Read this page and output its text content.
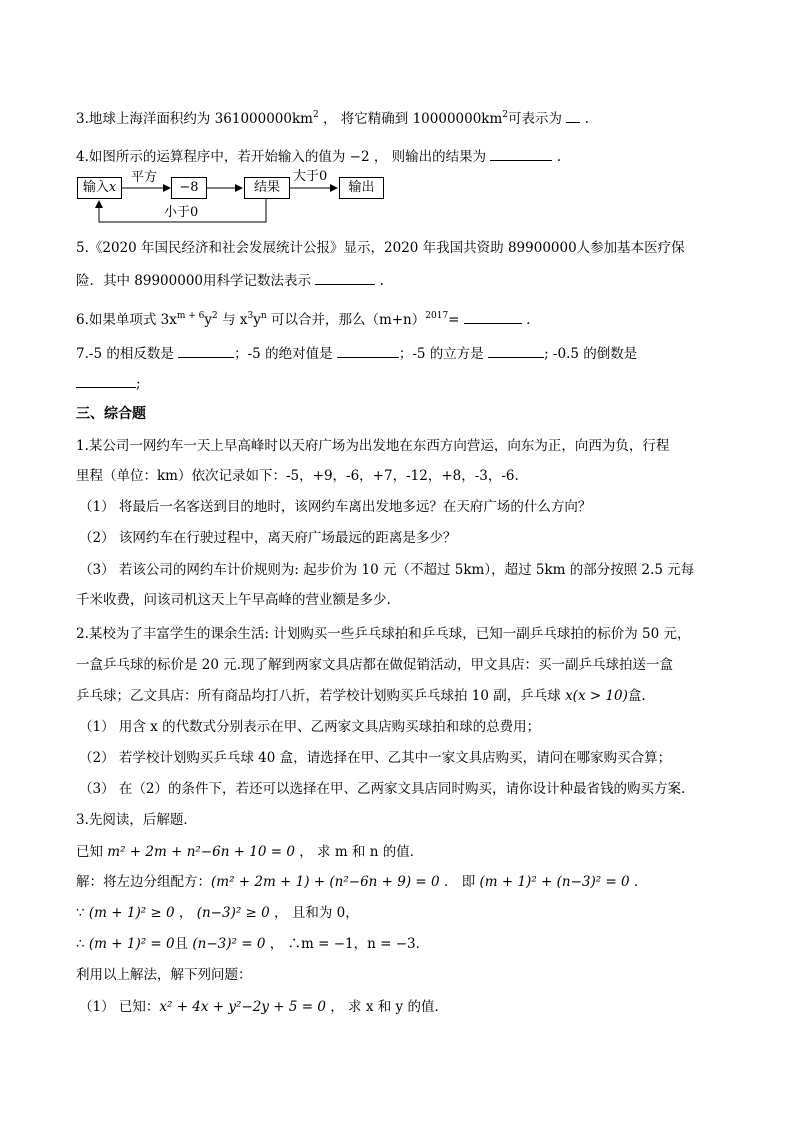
3.地球上海洋面积约为 $361000000km^2$ ， 将它精确到 $10000000km^2$可表示为  .
4.如图所示的运算程序中，若开始输入的值为 −2 ， 则输出的结果为	.
输入𝑥
平方
−8	结果
大于0
输出
小于0
5.《2020 年国民经济和社会发展统计公报》显示，2020 年我国共资助 89900000人参加基本医疗保
险．其中 89900000用科学记数法表示	.
6.如果单项式 $3x^{m + 6}y^2$ 与 $x^3y^n$ 可以合并，那么$(m+n)^{2017}=$	.
7.-5 的相反数是	；-5 的绝对值是	；-5 的立方是	; -0.5 的倒数是
;
三、综合题
1.某公司一网约车一天上早高峰时以天府广场为出发地在东西方向营运，向东为正，向西为负，行程
里程（单位：km）依次记录如下：-5，+9，-6，+7，-12，+8，-3，-6.
（1） 将最后一名客送到目的地时，该网约车离出发地多远？在天府广场的什么方向？
（2） 该网约车在行驶过程中，离天府广场最远的距离是多少？
（3） 若该公司的网约车计价规则为: 起步价为 10 元（不超过 5km），超过 5km 的部分按照 2.5 元每
千米收费，问该司机这天上午早高峰的营业额是多少.
2.某校为了丰富学生的课余生活: 计划购买一些乒乓球拍和乒乓球，已知一副乒乓球拍的标价为 50 元，
一盒乒乓球的标价是 20 元.现了解到两家文具店都在做促销活动，甲文具店：买一副乒乓球拍送一盒
乒乓球；乙文具店：所有商品均打八折，若学校计划购买乒乓球拍 10 副，乒乓球 x(x > 10)盒.
（1） 用含 x 的代数式分别表示在甲、乙两家文具店购买球拍和球的总费用；
（2） 若学校计划购买乒乓球 40 盒，请选择在甲、乙其中一家文具店购买，请问在哪家购买合算；
（3） 在（2）的条件下，若还可以选择在甲、乙两家文具店同时购买，请你设计种最省钱的购买方案.
3.先阅读，后解题．
已知 m² + 2m + n²−6n + 10 = 0 ， 求 m 和 n 的值．
解：将左边分组配方：(m² + 2m + 1) + (n²−6n + 9) = 0 ． 即 (m + 1)² + (n−3)² = 0 ．
∵ (m + 1)² ≥ 0 ， (n−3)² ≥ 0 ， 且和为 0，
∴ (m + 1)² = 0且 (n−3)² = 0 ， ∴m = −1，n = −3．
利用以上解法，解下列问题：
（1） 已知：x² + 4x + y²−2y + 5 = 0 ， 求 x 和 y 的值．
